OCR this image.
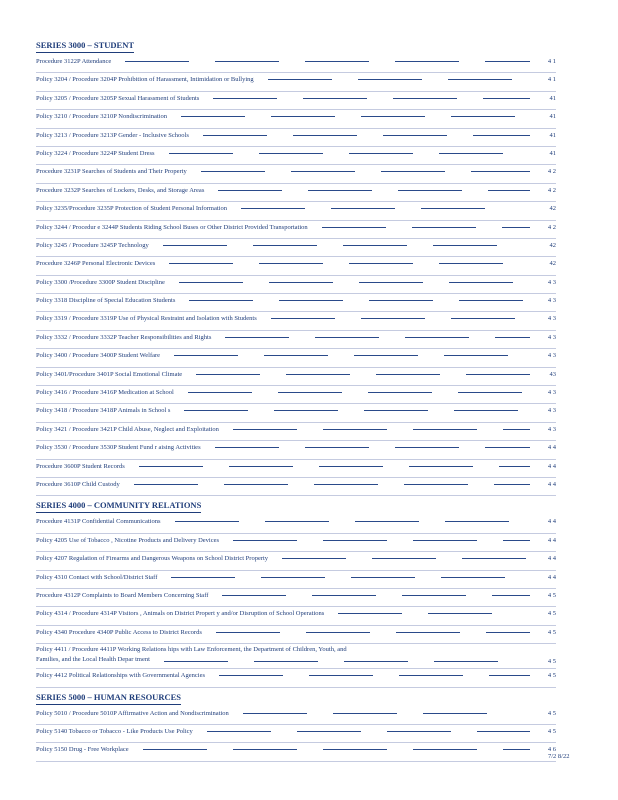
SERIES 3000 – STUDENT
Procedure 3122P Attendance	4 1
Policy 3204 / Procedure 3204P Prohibition of Harassment, Intimidation or Bullying	4 1
Policy 3205 / Procedure 3205P Sexual Harassment of Students	41
Policy 3210 / Procedure 3210P Nondiscrimination	41
Policy 3213 / Procedure 3213P Gender - Inclusive Schools	41
Policy 3224 / Procedure 3224P Student Dress	41
Procedure 3231P Searches of Students and Their Property	4 2
Procedure 3232P Searches of Lockers, Desks, and Storage Areas	4 2
Policy 3235/Procedure 3235P Protection of Student Personal Information	42
Policy 3244 / Procedur e 3244P Students Riding School Buses or Other District Provided Transportation	4 2
Policy 3245 / Procedure 3245P Technology	42
Procedure 3246P Personal Electronic Devices	42
Policy 3300 /Procedure 3300P Student Discipline	4 3
Policy 3318 Discipline of Special Education Students	4 3
Policy 3319 / Procedure 3319P Use of Physical Restraint and Isolation with Students	4 3
Policy 3332 / Procedure 3332P Teacher Responsibilities and Rights	4 3
Policy 3400 / Procedure 3400P Student Welfare	4 3
Policy 3401/Procedure 3401P Social Emotional Climate	43
Policy 3416 / Procedure 3416P Medication at School	4 3
Policy 3418 / Procedure 3418P Animals in School s	4 3
Policy 3421 / Procedure 3421P Child Abuse, Neglect and Exploitation	4 3
Policy 3530 / Procedure 3530P Student Fund r aising Activities	4 4
Procedure 3600P Student Records	4 4
Procedure 3610P Child Custody	4 4
SERIES 4000 – COMMUNITY RELATIONS
Procedure 4131P Confidential Communications	4 4
Policy 4205 Use of Tobacco , Nicotine Products and Delivery Devices	4 4
Policy 4207 Regulation of Firearms and Dangerous Weapons on School District Property	4 4
Policy 4310 Contact with School/District Staff	4 4
Procedure 4312P Complaints to Board Members Concerning Staff	4 5
Policy 4314 / Procedure 4314P Visitors , Animals on District Propert y and/or Disruption of School Operations	4 5
Policy 4340 Procedure 4340P Public Access to District Records	4 5
Policy 4411 / Procedure 4411P Working Relations hips with Law Enforcement, the Department of Children, Youth, and
Families, and the Local Health Depar tment	4 5
Policy 4412 Political Relationships with Governmental Agencies	4 5
SERIES 5000 – HUMAN RESOURCES
Policy 5010 / Procedure 5010P Affirmative Action and Nondiscrimination	4 5
Policy 5140 Tobacco or Tobacco - Like Products Use Policy	4 5
Policy 5150 Drug - Free Workplace	4 6
7/2 8/22
